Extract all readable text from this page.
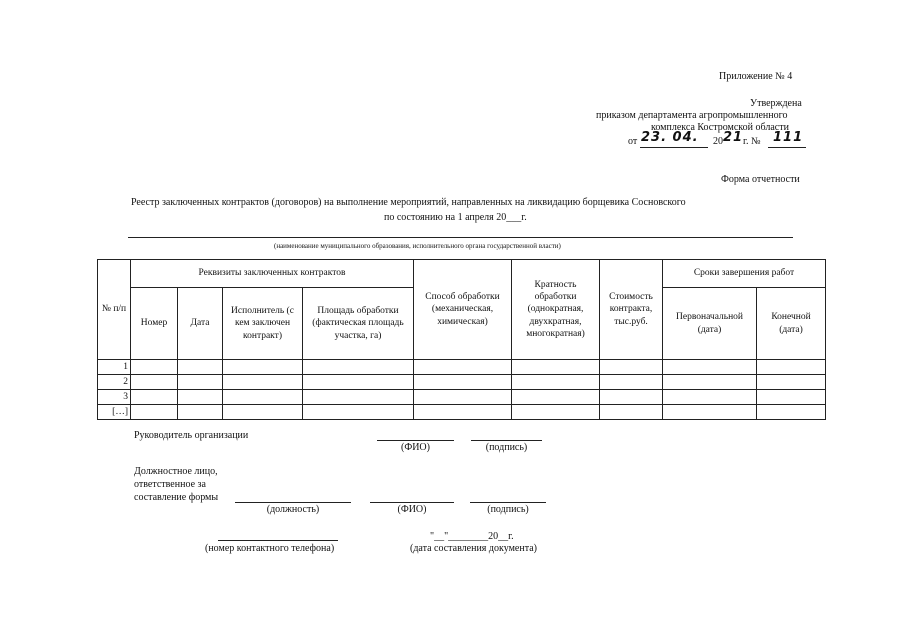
Приложение № 4
Утверждена
приказом департамента агропромышленного
комплекса Костромской области
от 23. 04. 20 21 г. № 111
Форма отчетности
Реестр заключенных контрактов (договоров) на выполнение мероприятий, направленных на ликвидацию борщевика Сосновского
по состоянию на 1 апреля 20___г.
(наименование муниципального образования, исполнительного органа государственной власти)
№ п/п	Реквизиты заключенных контрактов				Способ обработки (механическая, химическая)	Кратность обработки (однократная, двухкратная, многократная)	Стоимость контракта, тыс.руб.	Сроки завершения работ	
	Номер	Дата	Исполнитель (с кем заключен контракт)	Площадь обработки (фактическая площадь участка, га)				Первоначальной (дата)	Конечной (дата)
1									
2									
3									
[…]									
Руководитель организации
(ФИО)	(подпись)
Должностное лицо,
ответственное за
составление формы
(должность)	(ФИО)	(подпись)
(номер контактного телефона)
"__"________20__г.
(дата составления документа)
